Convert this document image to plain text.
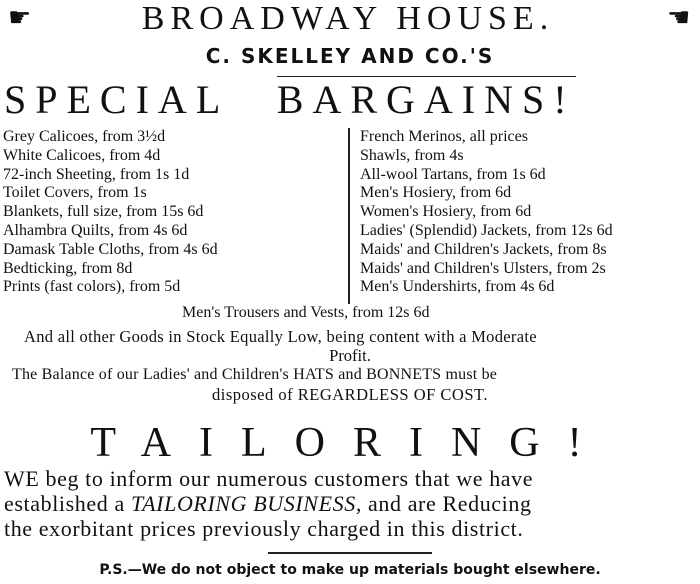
☛	BROADWAY HOUSE.	☛
C. SKELLEY AND CO.'S
SPECIAL BARGAINS!
Grey Calicoes, from 3½d
White Calicoes, from 4d
72-inch Sheeting, from 1s 1d
Toilet Covers, from 1s
Blankets, full size, from 15s 6d
Alhambra Quilts, from 4s 6d
Damask Table Cloths, from 4s 6d
Bedticking, from 8d
Prints (fast colors), from 5d
French Merinos, all prices
Shawls, from 4s
All-wool Tartans, from 1s 6d
Men's Hosiery, from 6d
Women's Hosiery, from 6d
Ladies' (Splendid) Jackets, from 12s 6d
Maids' and Children's Jackets, from 8s
Maids' and Children's Ulsters, from 2s
Men's Undershirts, from 4s 6d
Men's Trousers and Vests, from 12s 6d
And all other Goods in Stock Equally Low, being content with a Moderate
Profit.
The Balance of our Ladies' and Children's HATS and BONNETS must be
disposed of REGARDLESS OF COST.
TAILORING!
WE beg to inform our numerous customers that we have
established a TAILORING BUSINESS, and are Reducing
the exorbitant prices previously charged in this district.
P.S.—We do not object to make up materials bought elsewhere.
